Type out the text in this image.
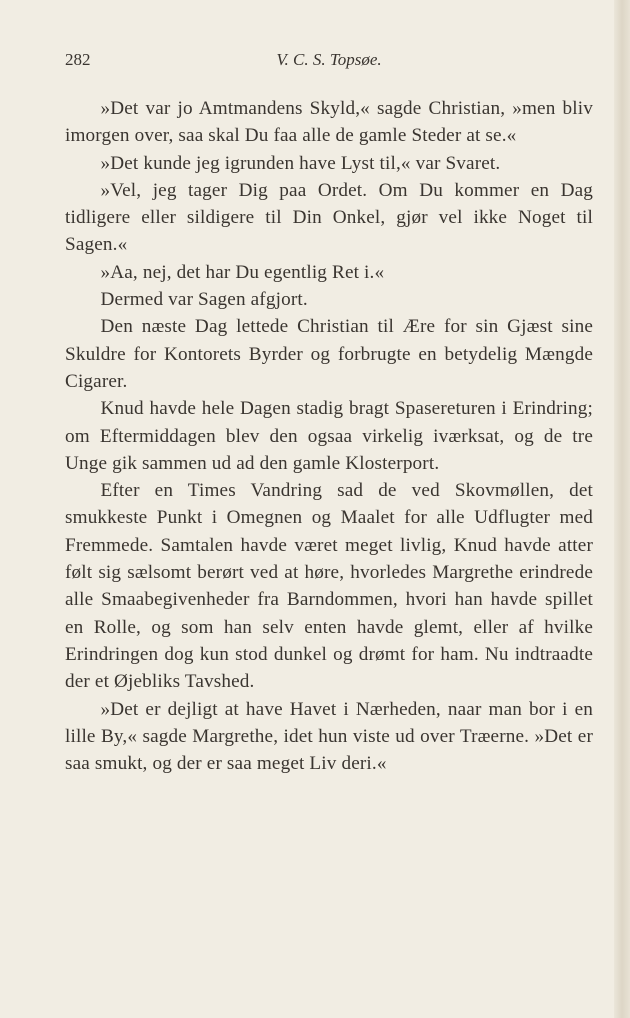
282	V. C. S. Topsøe.

»Det var jo Amtmandens Skyld,« sagde Christian, »men bliv imorgen over, saa skal Du faa alle de gamle Steder at se.«

»Det kunde jeg igrunden have Lyst til,« var Svaret.

»Vel, jeg tager Dig paa Ordet. Om Du kommer en Dag tidligere eller sildigere til Din Onkel, gjør vel ikke Noget til Sagen.«

»Aa, nej, det har Du egentlig Ret i.«

Dermed var Sagen afgjort.

Den næste Dag lettede Christian til Ære for sin Gjæst sine Skuldre for Kontorets Byrder og forbrugte en betydelig Mængde Cigarer.

Knud havde hele Dagen stadig bragt Spasereturen i Erindring; om Eftermiddagen blev den ogsaa virkelig iværksat, og de tre Unge gik sammen ud ad den gamle Klosterport.

Efter en Times Vandring sad de ved Skovmøllen, det smukkeste Punkt i Omegnen og Maalet for alle Udflugter med Fremmede. Samtalen havde været meget livlig, Knud havde atter følt sig sælsomt berørt ved at høre, hvorledes Margrethe erindrede alle Smaabegivenheder fra Barndommen, hvori han havde spillet en Rolle, og som han selv enten havde glemt, eller af hvilke Erindringen dog kun stod dunkel og drømt for ham. Nu indtraadte der et Øjebliks Tavshed.

»Det er dejligt at have Havet i Nærheden, naar man bor i en lille By,« sagde Margrethe, idet hun viste ud over Træerne. »Det er saa smukt, og der er saa meget Liv deri.«
